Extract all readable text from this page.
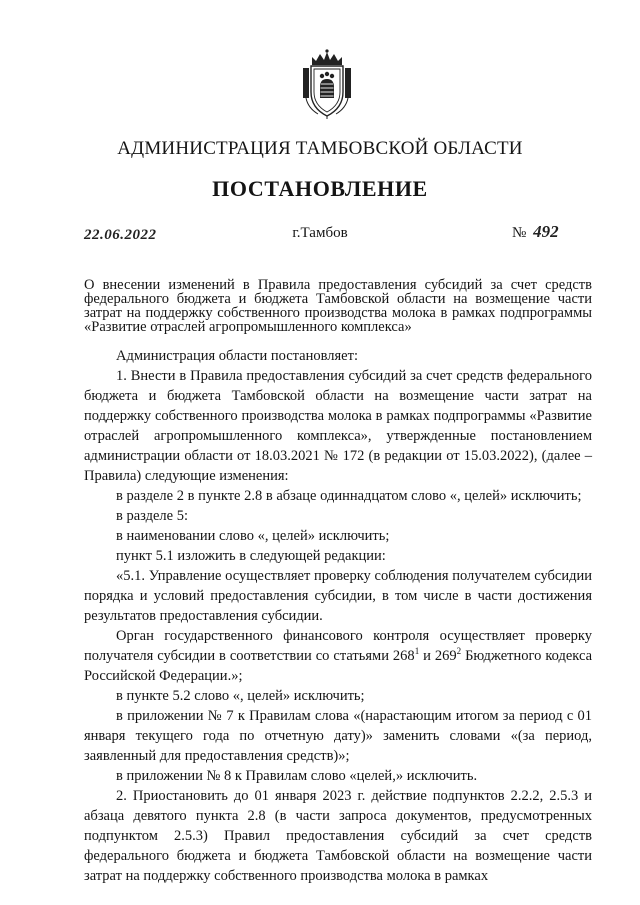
АДМИНИСТРАЦИЯ ТАМБОВСКОЙ ОБЛАСТИ
ПОСТАНОВЛЕНИЕ
22.06.2022	г.Тамбов	№ 492
О внесении изменений в Правила предоставления субсидий за счет средств федерального бюджета и бюджета Тамбовской области на возмещение части затрат на поддержку собственного производства молока в рамках подпрограммы «Развитие отраслей агропромышленного комплекса»

Администрация области постановляет:

1. Внести в Правила предоставления субсидий за счет средств федерального бюджета и бюджета Тамбовской области на возмещение части затрат на поддержку собственного производства молока в рамках подпрограммы «Развитие отраслей агропромышленного комплекса», утвержденные постановлением администрации области от 18.03.2021 № 172 (в редакции от 15.03.2022), (далее – Правила) следующие изменения:

в разделе 2 в пункте 2.8 в абзаце одиннадцатом слово «, целей» исключить;

в разделе 5:

в наименовании слово «, целей» исключить;

пункт 5.1 изложить в следующей редакции:

«5.1. Управление осуществляет проверку соблюдения получателем субсидии порядка и условий предоставления субсидии, в том числе в части достижения результатов предоставления субсидии.

Орган государственного финансового контроля осуществляет проверку получателя субсидии в соответствии со статьями $268^1$ и $269^2$ Бюджетного кодекса Российской Федерации.»;

в пункте 5.2 слово «, целей» исключить;

в приложении № 7 к Правилам слова «(нарастающим итогом за период с 01 января текущего года по отчетную дату)» заменить словами «(за период, заявленный для предоставления средств)»;

в приложении № 8 к Правилам слово «целей,» исключить.

2. Приостановить до 01 января 2023 г. действие подпунктов 2.2.2, 2.5.3 и абзаца девятого пункта 2.8 (в части запроса документов, предусмотренных подпунктом 2.5.3) Правил предоставления субсидий за счет средств федерального бюджета и бюджета Тамбовской области на возмещение части затрат на поддержку собственного производства молока в рамках
